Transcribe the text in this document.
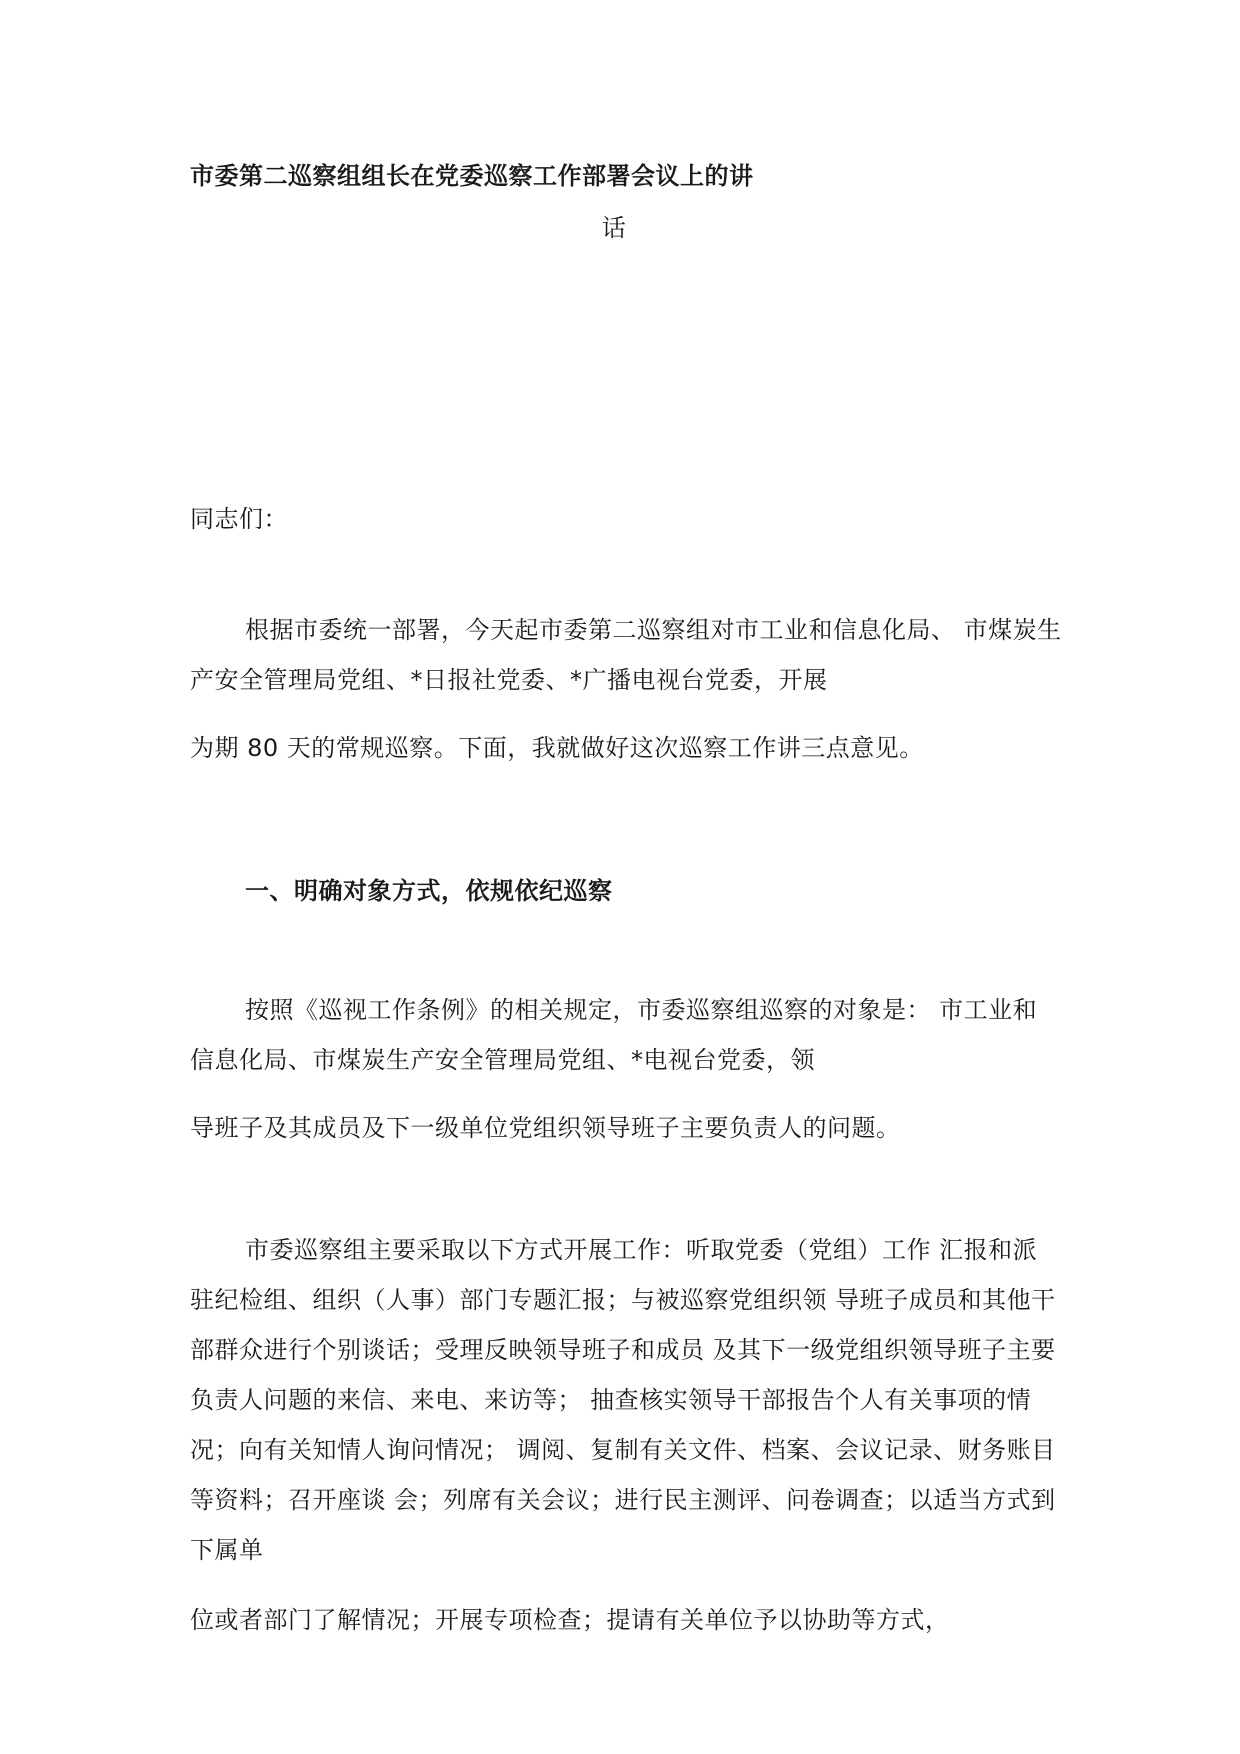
市委第二巡察组组长在党委巡察工作部署会议上的讲
话
同志们：
根据市委统一部署，今天起市委第二巡察组对市工业和信息化局、 市煤炭生
产安全管理局党组、*日报社党委、*广播电视台党委，开展
为期 80 天的常规巡察。下面，我就做好这次巡察工作讲三点意见。
一、明确对象方式，依规依纪巡察
按照《巡视工作条例》的相关规定，市委巡察组巡察的对象是： 市工业和
信息化局、市煤炭生产安全管理局党组、*电视台党委，领
导班子及其成员及下一级单位党组织领导班子主要负责人的问题。
市委巡察组主要采取以下方式开展工作：听取党委（党组）工作 汇报和派
驻纪检组、组织（人事）部门专题汇报；与被巡察党组织领 导班子成员和其他干
部群众进行个别谈话；受理反映领导班子和成员 及其下一级党组织领导班子主要
负责人问题的来信、来电、来访等； 抽查核实领导干部报告个人有关事项的情
况；向有关知情人询问情况； 调阅、复制有关文件、档案、会议记录、财务账目
等资料；召开座谈 会；列席有关会议；进行民主测评、问卷调查；以适当方式到
下属单
位或者部门了解情况；开展专项检查；提请有关单位予以协助等方式，
